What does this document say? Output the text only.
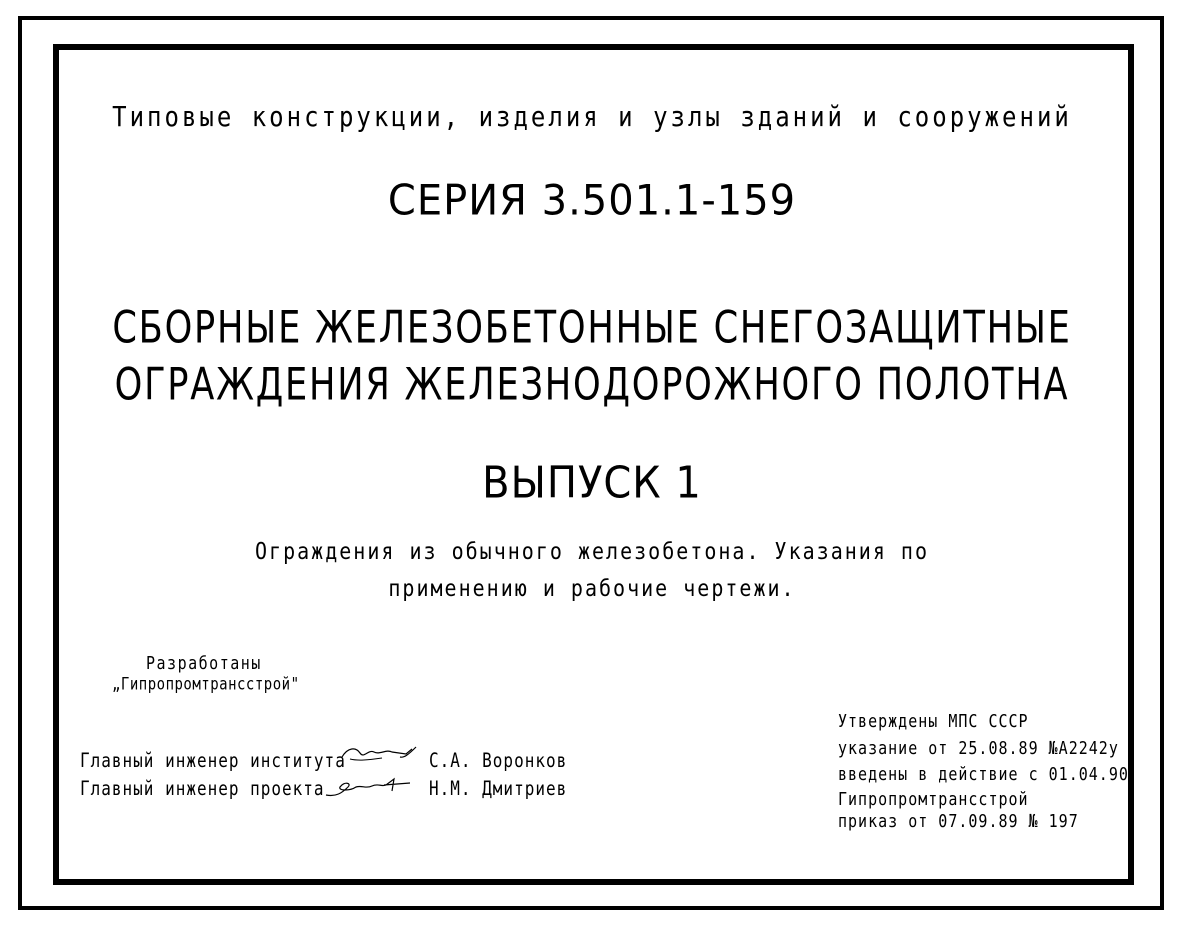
Типовые конструкции, изделия и узлы зданий и сооружений
СЕРИЯ 3.501.1-159
СБОРНЫЕ ЖЕЛЕЗОБЕТОННЫЕ СНЕГОЗАЩИТНЫЕ
ОГРАЖДЕНИЯ ЖЕЛЕЗНОДОРОЖНОГО ПОЛОТНА
ВЫПУСК 1
Ограждения из обычного железобетона. Указания по
применению и рабочие чертежи.
Разработаны
„Гипропромтрансстрой"
Главный инженер института	С.А. Воронков
Главный инженер проекта	Н.М. Дмитриев
Утверждены МПС СССР
указание от 25.08.89 №А2242у
введены в действие с 01.04.90
Гипропромтрансстрой
приказ от 07.09.89 № 197
